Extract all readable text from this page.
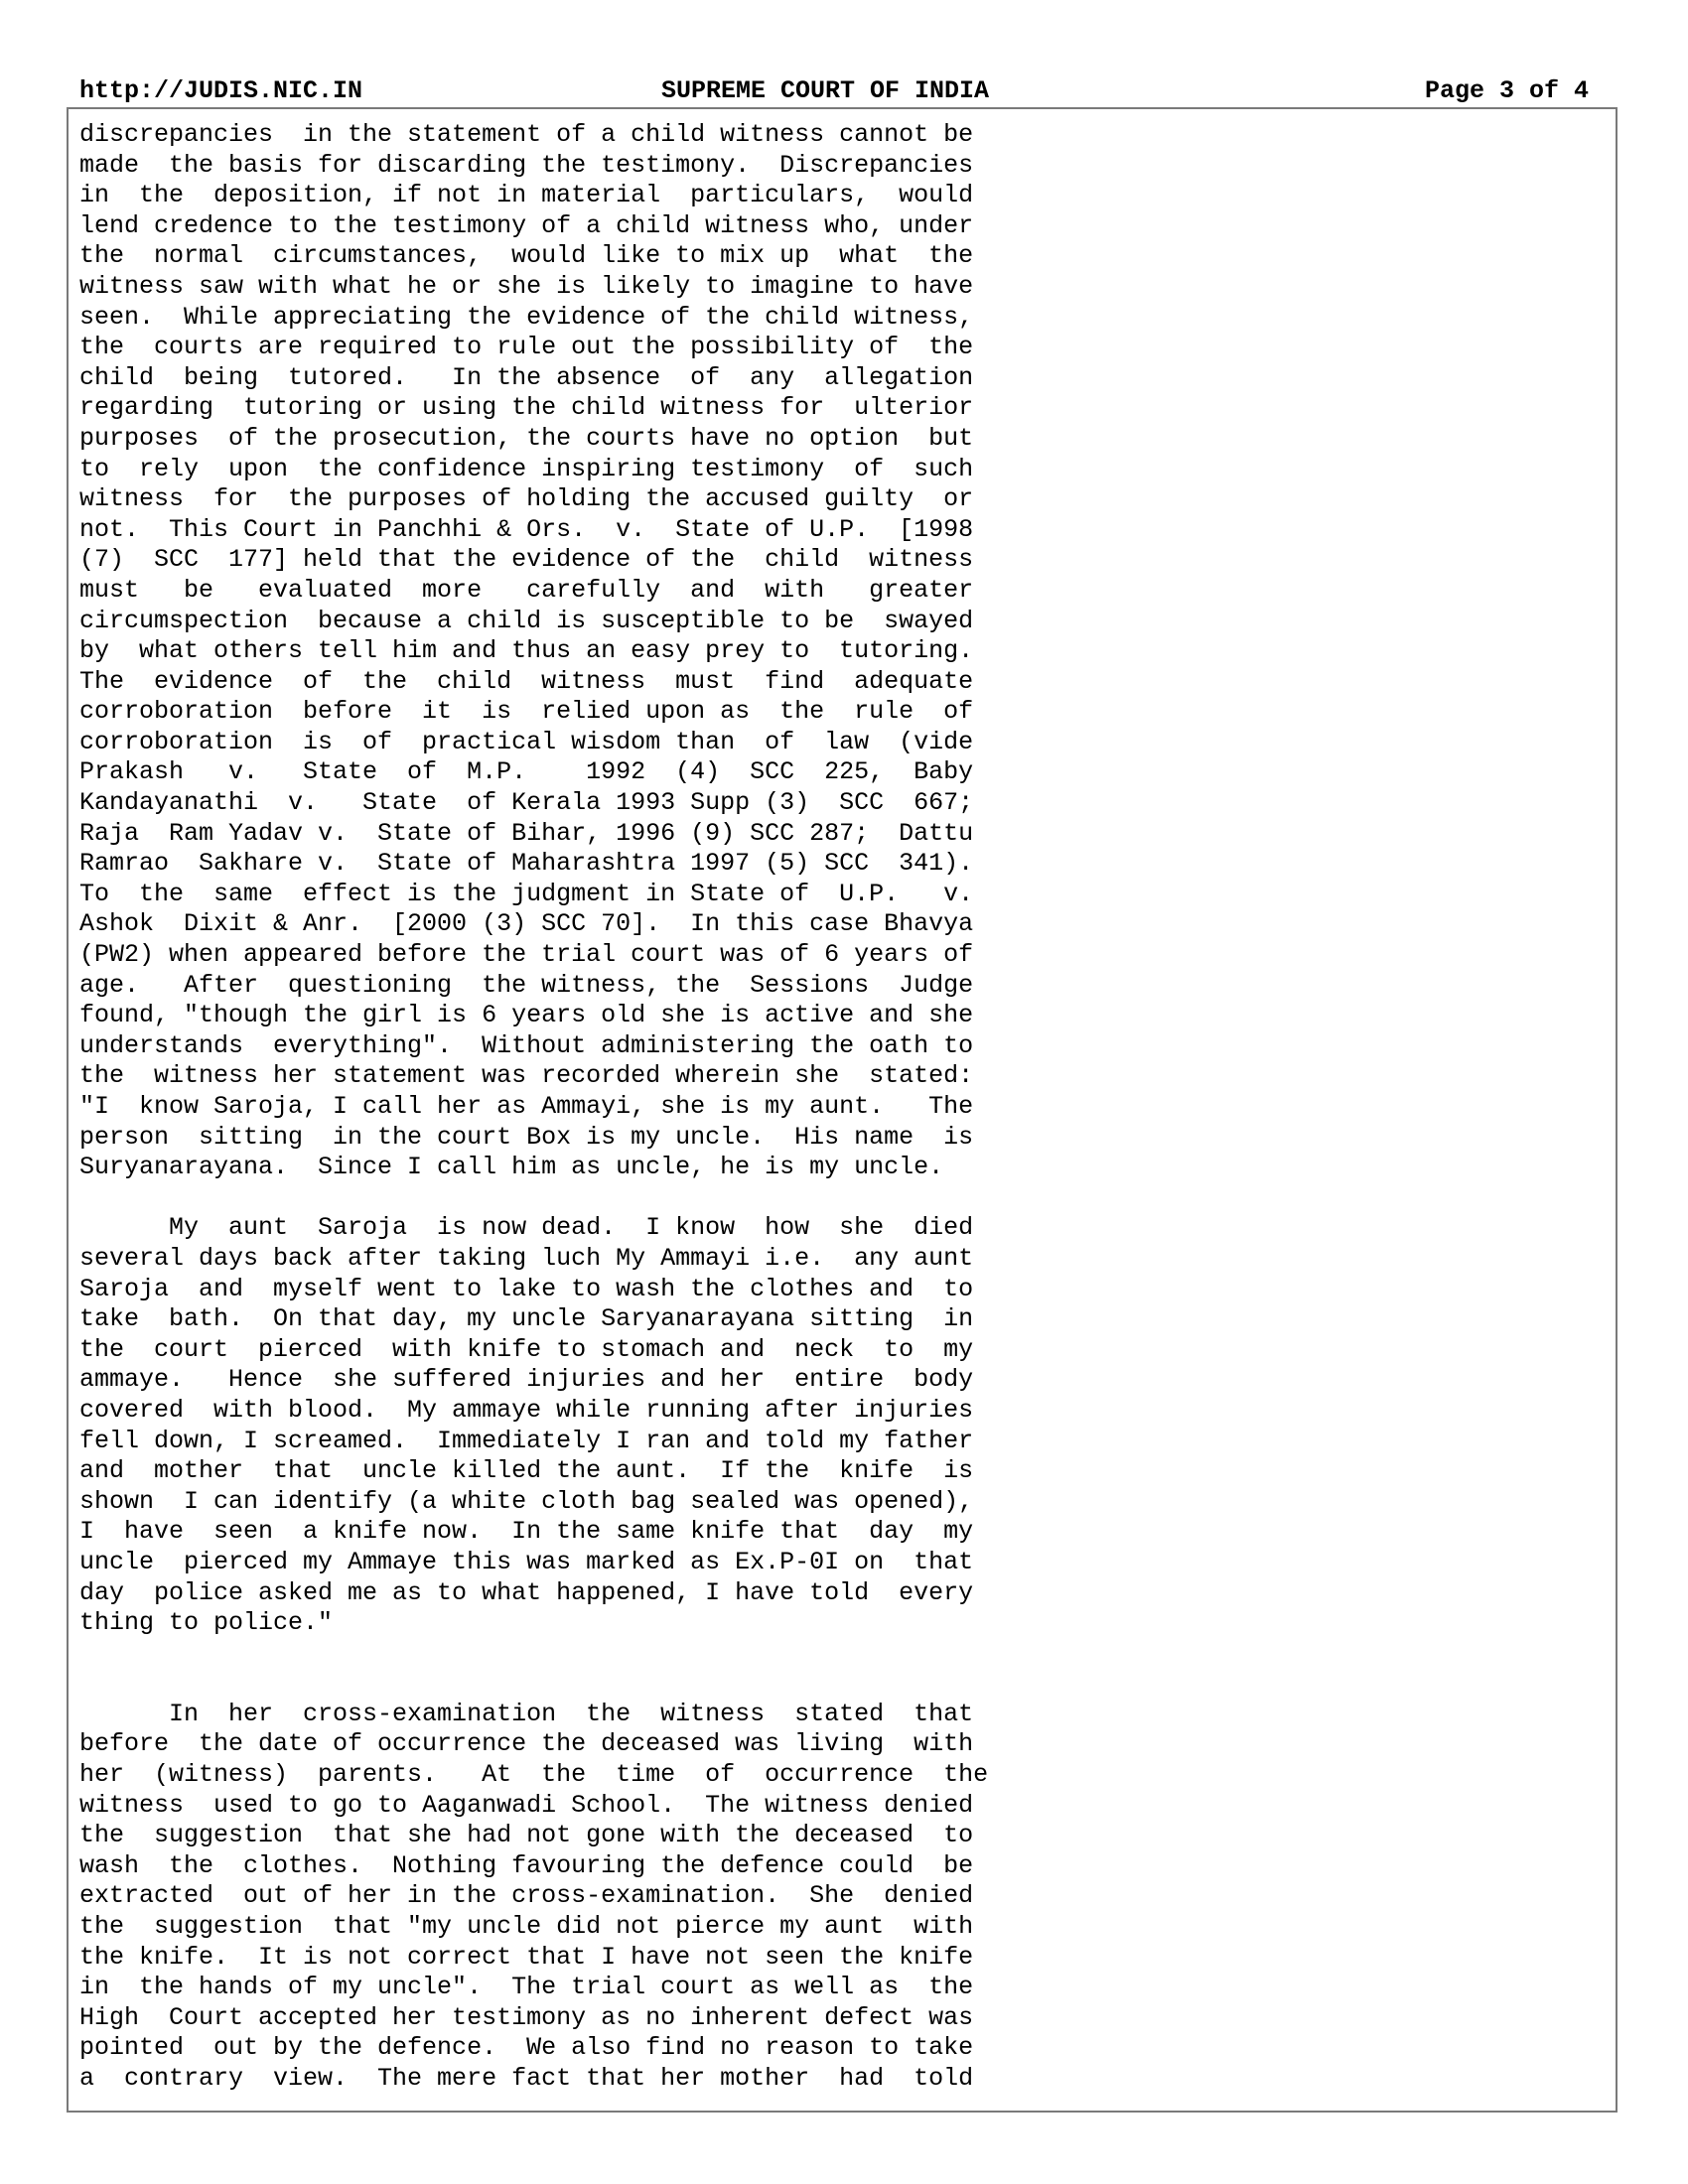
http://JUDIS.NIC.IN	SUPREME COURT OF INDIA	Page 3 of 4
discrepancies  in the statement of a child witness cannot be
made  the basis for discarding the testimony.  Discrepancies
in  the  deposition, if not in material  particulars,  would
lend credence to the testimony of a child witness who, under
the  normal  circumstances,  would like to mix up  what  the
witness saw with what he or she is likely to imagine to have
seen.  While appreciating the evidence of the child witness,
the  courts are required to rule out the possibility of  the
child  being  tutored.   In the absence  of  any  allegation
regarding  tutoring or using the child witness for  ulterior
purposes  of the prosecution, the courts have no option  but
to  rely  upon  the confidence inspiring testimony  of  such
witness  for  the purposes of holding the accused guilty  or
not.  This Court in Panchhi & Ors.  v.  State of U.P.  [1998
(7)  SCC  177] held that the evidence of the  child  witness
must   be   evaluated  more   carefully  and  with   greater
circumspection  because a child is susceptible to be  swayed
by  what others tell him and thus an easy prey to  tutoring.
The  evidence  of  the  child  witness  must  find  adequate
corroboration  before  it  is  relied upon as  the  rule  of
corroboration  is  of  practical wisdom than  of  law  (vide
Prakash   v.   State  of  M.P.    1992  (4)  SCC  225,  Baby
Kandayanathi  v.   State  of Kerala 1993 Supp (3)  SCC  667;
Raja  Ram Yadav v.  State of Bihar, 1996 (9) SCC 287;  Dattu
Ramrao  Sakhare v.  State of Maharashtra 1997 (5) SCC  341).
To  the  same  effect is the judgment in State of  U.P.   v.
Ashok  Dixit & Anr.  [2000 (3) SCC 70].  In this case Bhavya
(PW2) when appeared before the trial court was of 6 years of
age.   After  questioning  the witness, the  Sessions  Judge
found, "though the girl is 6 years old she is active and she
understands  everything".  Without administering the oath to
the  witness her statement was recorded wherein she  stated:
"I  know Saroja, I call her as Ammayi, she is my aunt.   The
person  sitting  in the court Box is my uncle.  His name  is
Suryanarayana.  Since I call him as uncle, he is my uncle.
My  aunt  Saroja  is now dead.  I know  how  she  died
several days back after taking luch My Ammayi i.e.  any aunt
Saroja  and  myself went to lake to wash the clothes and  to
take  bath.  On that day, my uncle Saryanarayana sitting  in
the  court  pierced  with knife to stomach and  neck  to  my
ammaye.   Hence  she suffered injuries and her  entire  body
covered  with blood.  My ammaye while running after injuries
fell down, I screamed.  Immediately I ran and told my father
and  mother  that  uncle killed the aunt.  If the  knife  is
shown  I can identify (a white cloth bag sealed was opened),
I  have  seen  a knife now.  In the same knife that  day  my
uncle  pierced my Ammaye this was marked as Ex.P-0I on  that
day  police asked me as to what happened, I have told  every
thing to police."
In  her  cross-examination  the  witness  stated  that
before  the date of occurrence the deceased was living  with
her  (witness)  parents.   At  the  time  of  occurrence  the
witness  used to go to Aaganwadi School.  The witness denied
the  suggestion  that she had not gone with the deceased  to
wash  the  clothes.  Nothing favouring the defence could  be
extracted  out of her in the cross-examination.  She  denied
the  suggestion  that "my uncle did not pierce my aunt  with
the knife.  It is not correct that I have not seen the knife
in  the hands of my uncle".  The trial court as well as  the
High  Court accepted her testimony as no inherent defect was
pointed  out by the defence.  We also find no reason to take
a  contrary  view.  The mere fact that her mother  had  told
